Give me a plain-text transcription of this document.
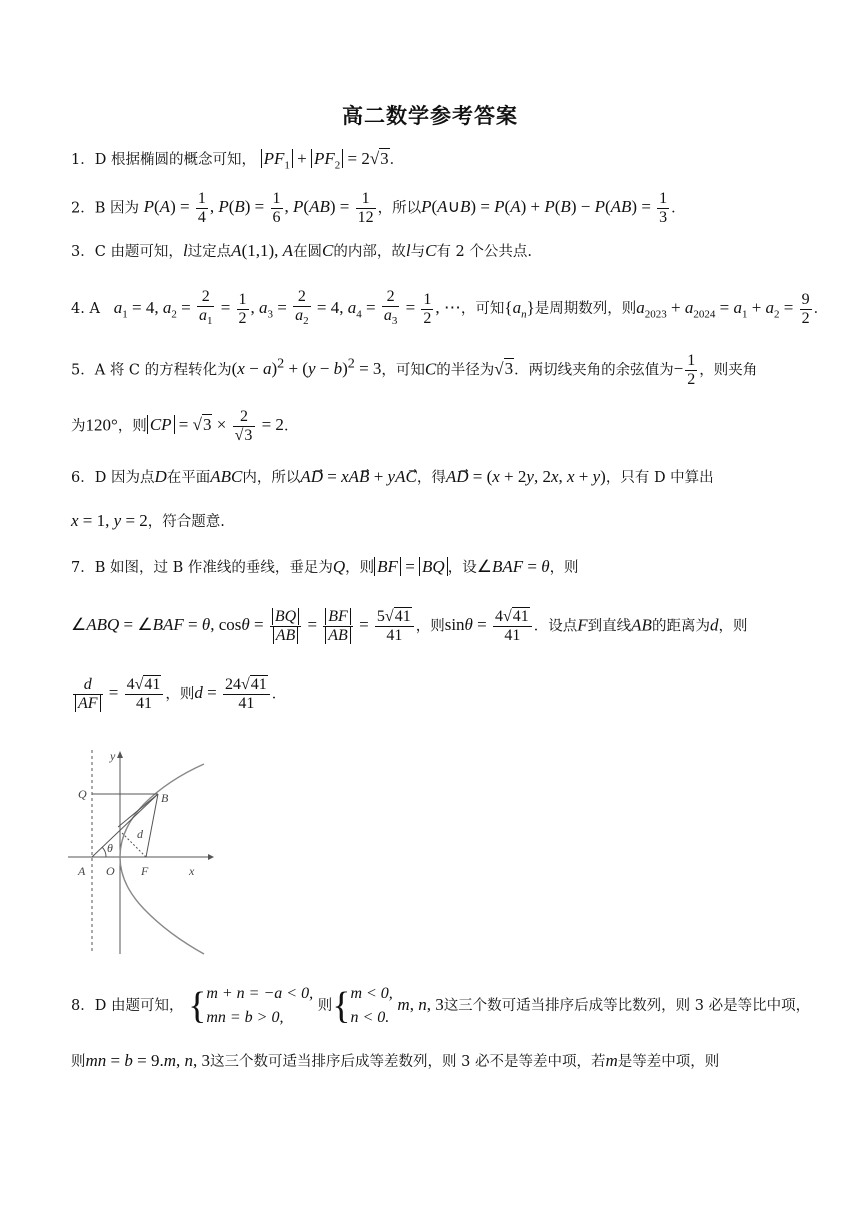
高二数学参考答案
1．D 根据椭圆的概念可知， $PF_1 + PF_2 = 2√3$．
2．B 因为 $P(A) = \frac{1}{4}$ , $P(B) = \frac{1}{6}$ , $P(AB) = \frac{1}{12}$ ，所以P(A∪B) = $P(A) + P(B) - P(AB) = \frac{1}{3}$ ．
3．C 由题可知，l过定点A(1,1), A在圆C的内部，故l与C有 2 个公共点.
4. A $a_1 = 4$, $a_2 = \frac{2}{a_1} = \frac{1}{2}$ , $a_3 = \frac{2}{a_2} = 4$, $a_4 = \frac{2}{a_3} = \frac{1}{2}$ , ⋯，可知$\{a_n\}$是周期数列，则$a_{2023} + a_{2024} = a_1 + a_2 = \frac{9}{2}$ ．
5．A 将 C 的方程转化为$(x - a)^2 + (y - b)^2 = 3$，可知C的半径为√3．两切线夹角的余弦值为− $\frac{1}{2}$ ，则夹角
为120°，则 CP = $√3 \times \frac{2}{√3} = 2$．
6．D 因为点D在平面ABC内，所以AD⃗ = xAB⃗ + yAC，得AD⃗ = (x + 2y, 2x, x + y)，只有 D 中算出
x = 1, y = 2，符合题意.
7．B 如图，过 B 作准线的垂线，垂足为Q，则 BF = BQ ，设∠BAF = θ，则
∠ABQ = ∠BAF = θ, $\cos\theta = \frac{BQ}{AB} = \frac{BF}{AB} = \frac{5√41}{41}$ ，则$\sin\theta = \frac{4√41}{41}$ ．设点F到直线AB的距离为d，则
$\frac{d}{AF} = \frac{4√41}{41}$ ，则$d = \frac{24√41}{41}$ ．
y
x
Q	B
A O F
d
θ
8．D 由题可知， {m + n = −a < 0,
mn = b > 0, 则{m < 0,
n < 0. m, n, 3这三个数可适当排序后成等比数列，则 3 必是等比中项，
则mn = b = 9.m, n, 3这三个数可适当排序后成等差数列，则 3 必不是等差中项，若m是等差中项，则
